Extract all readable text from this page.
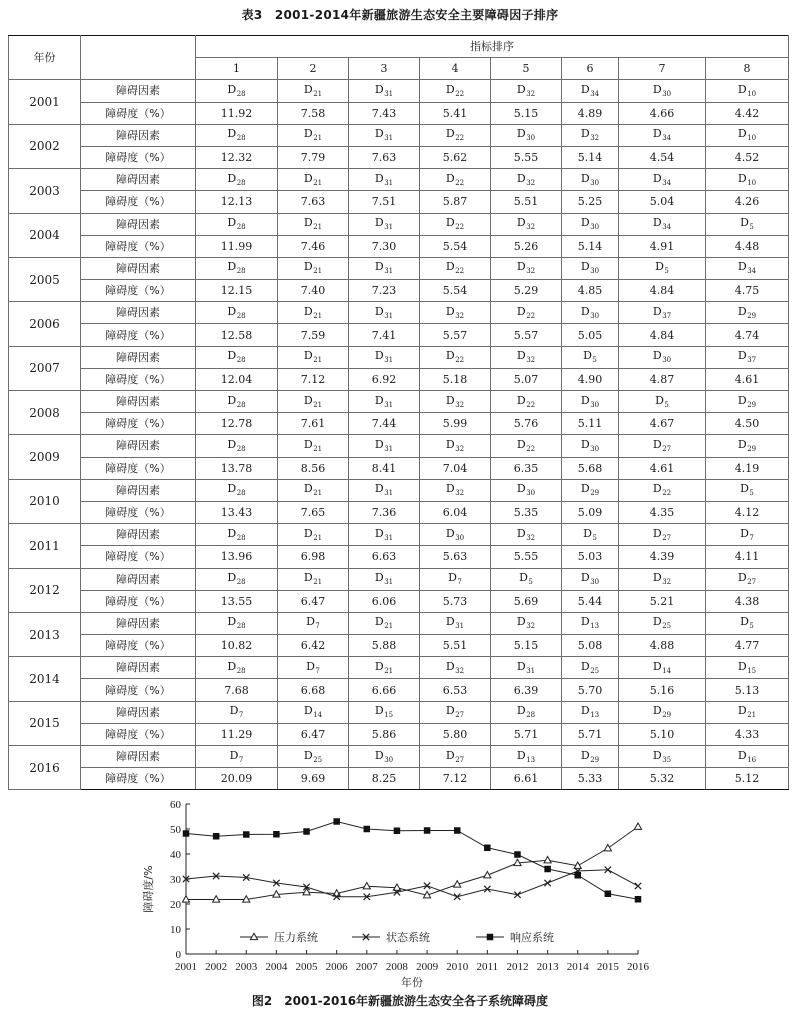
表3　2001-2014年新疆旅游生态安全主要障碍因子排序
年份		指标排序							
		1	2	3	4	5	6	7	8
2001	障碍因素	$D_{28}$	$D_{21}$	$D_{31}$	$D_{22}$	$D_{32}$	$D_{34}$	$D_{30}$	$D_{10}$
	障碍度（%）	11.92	7.58	7.43	5.41	5.15	4.89	4.66	4.42
2002	障碍因素	$D_{28}$	$D_{21}$	$D_{31}$	$D_{22}$	$D_{30}$	$D_{32}$	$D_{34}$	$D_{10}$
	障碍度（%）	12.32	7.79	7.63	5.62	5.55	5.14	4.54	4.52
2003	障碍因素	$D_{28}$	$D_{21}$	$D_{31}$	$D_{22}$	$D_{32}$	$D_{30}$	$D_{34}$	$D_{10}$
	障碍度（%）	12.13	7.63	7.51	5.87	5.51	5.25	5.04	4.26
2004	障碍因素	$D_{28}$	$D_{21}$	$D_{31}$	$D_{22}$	$D_{32}$	$D_{30}$	$D_{34}$	$D_5$
	障碍度（%）	11.99	7.46	7.30	5.54	5.26	5.14	4.91	4.48
2005	障碍因素	$D_{28}$	$D_{21}$	$D_{31}$	$D_{22}$	$D_{32}$	$D_{30}$	$D_5$	$D_{34}$
	障碍度（%）	12.15	7.40	7.23	5.54	5.29	4.85	4.84	4.75
2006	障碍因素	$D_{28}$	$D_{21}$	$D_{31}$	$D_{32}$	$D_{22}$	$D_{30}$	$D_{37}$	$D_{29}$
	障碍度（%）	12.58	7.59	7.41	5.57	5.57	5.05	4.84	4.74
2007	障碍因素	$D_{28}$	$D_{21}$	$D_{31}$	$D_{22}$	$D_{32}$	$D_5$	$D_{30}$	$D_{37}$
	障碍度（%）	12.04	7.12	6.92	5.18	5.07	4.90	4.87	4.61
2008	障碍因素	$D_{28}$	$D_{21}$	$D_{31}$	$D_{32}$	$D_{22}$	$D_{30}$	$D_5$	$D_{29}$
	障碍度（%）	12.78	7.61	7.44	5.99	5.76	5.11	4.67	4.50
2009	障碍因素	$D_{28}$	$D_{21}$	$D_{31}$	$D_{32}$	$D_{22}$	$D_{30}$	$D_{27}$	$D_{29}$
	障碍度（%）	13.78	8.56	8.41	7.04	6.35	5.68	4.61	4.19
2010	障碍因素	$D_{28}$	$D_{21}$	$D_{31}$	$D_{32}$	$D_{30}$	$D_{29}$	$D_{22}$	$D_5$
	障碍度（%）	13.43	7.65	7.36	6.04	5.35	5.09	4.35	4.12
2011	障碍因素	$D_{28}$	$D_{21}$	$D_{31}$	$D_{30}$	$D_{32}$	$D_5$	$D_{27}$	$D_7$
	障碍度（%）	13.96	6.98	6.63	5.63	5.55	5.03	4.39	4.11
2012	障碍因素	$D_{28}$	$D_{21}$	$D_{31}$	$D_7$	$D_5$	$D_{30}$	$D_{32}$	$D_{27}$
	障碍度（%）	13.55	6.47	6.06	5.73	5.69	5.44	5.21	4.38
2013	障碍因素	$D_{28}$	$D_7$	$D_{21}$	$D_{31}$	$D_{32}$	$D_{13}$	$D_{25}$	$D_5$
	障碍度（%）	10.82	6.42	5.88	5.51	5.15	5.08	4.88	4.77
2014	障碍因素	$D_{28}$	$D_7$	$D_{21}$	$D_{32}$	$D_{31}$	$D_{25}$	$D_{14}$	$D_{15}$
	障碍度（%）	7.68	6.68	6.66	6.53	6.39	5.70	5.16	5.13
2015	障碍因素	$D_7$	$D_{14}$	$D_{15}$	$D_{27}$	$D_{28}$	$D_{13}$	$D_{29}$	$D_{21}$
	障碍度（%）	11.29	6.47	5.86	5.80	5.71	5.71	5.10	4.33
2016	障碍因素	$D_7$	$D_{25}$	$D_{30}$	$D_{27}$	$D_{13}$	$D_{29}$	$D_{35}$	$D_{16}$
	障碍度（%）	20.09	9.69	8.25	7.12	6.61	5.33	5.32	5.12
0
10
20
30
40
50
60
2001 2002 2003 2004 2005 2006 2007 2008 2009 2010 2011 2012 2013 2014 2015 2016
年份
障碍度/%
压力系统	状态系统	响应系统
图2　2001-2016年新疆旅游生态安全各子系统障碍度
